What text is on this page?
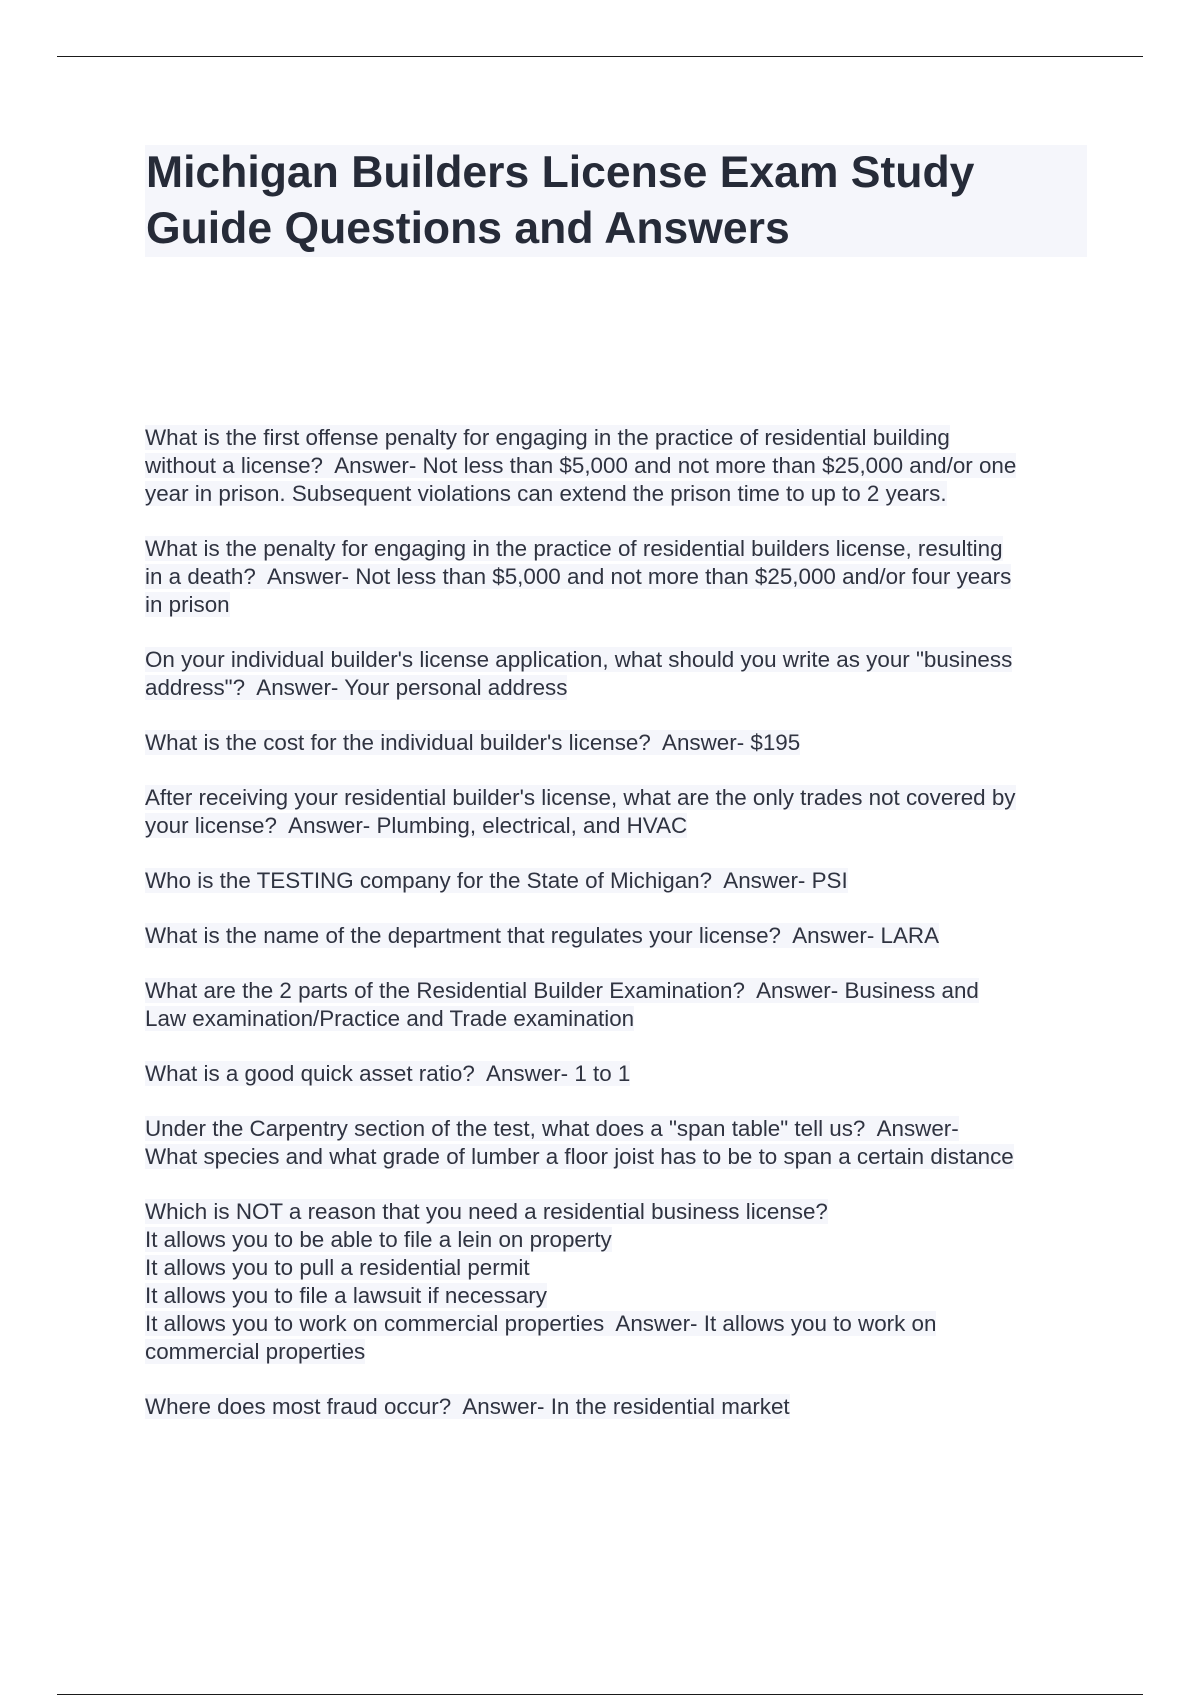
Michigan Builders License Exam Study
Guide Questions and Answers
What is the first offense penalty for engaging in the practice of residential building
without a license?  Answer- Not less than $5,000 and not more than $25,000 and/or one
year in prison. Subsequent violations can extend the prison time to up to 2 years.
What is the penalty for engaging in the practice of residential builders license, resulting
in a death?  Answer- Not less than $5,000 and not more than $25,000 and/or four years
in prison
On your individual builder's license application, what should you write as your "business
address"?  Answer- Your personal address
What is the cost for the individual builder's license?  Answer- $195
After receiving your residential builder's license, what are the only trades not covered by
your license?  Answer- Plumbing, electrical, and HVAC
Who is the TESTING company for the State of Michigan?  Answer- PSI
What is the name of the department that regulates your license?  Answer- LARA
What are the 2 parts of the Residential Builder Examination?  Answer- Business and
Law examination/Practice and Trade examination
What is a good quick asset ratio?  Answer- 1 to 1
Under the Carpentry section of the test, what does a "span table" tell us?  Answer-
What species and what grade of lumber a floor joist has to be to span a certain distance
Which is NOT a reason that you need a residential business license?
It allows you to be able to file a lein on property
It allows you to pull a residential permit
It allows you to file a lawsuit if necessary
It allows you to work on commercial properties  Answer- It allows you to work on
commercial properties
Where does most fraud occur?  Answer- In the residential market
